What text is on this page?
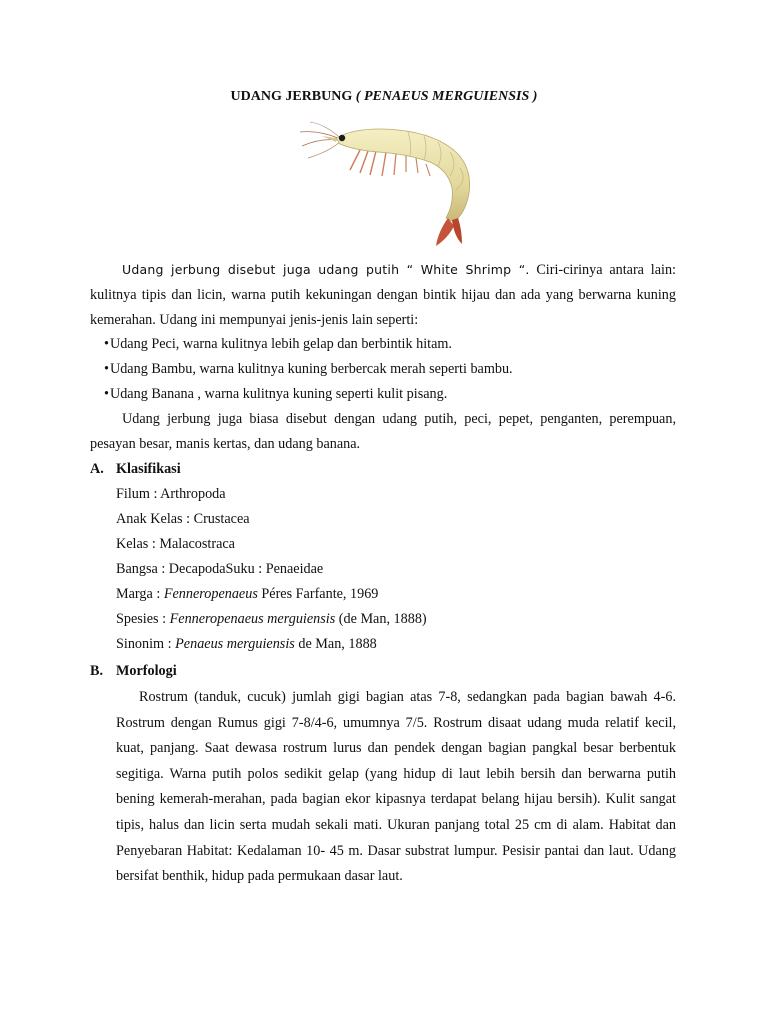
UDANG JERBUNG ( PENAEUS MERGUIENSIS )
Udang jerbung disebut juga udang putih “ White Shrimp “. Ciri-cirinya antara lain:
kulitnya tipis dan licin, warna putih kekuningan dengan bintik hijau dan ada yang berwarna kuning kemerahan. Udang ini mempunyai jenis-jenis lain seperti:
• Udang Peci, warna kulitnya lebih gelap dan berbintik hitam.
• Udang Bambu, warna kulitnya kuning berbercak merah seperti bambu.
• Udang Banana , warna kulitnya kuning seperti kulit pisang.
Udang jerbung juga biasa disebut dengan udang putih, peci, pepet, penganten, perempuan,
pesayan besar, manis kertas, dan udang banana.
A. Klasifikasi
Filum : Arthropoda
Anak Kelas : Crustacea
Kelas : Malacostraca
Bangsa : DecapodaSuku : Penaeidae
Marga : Fenneropenaeus Péres Farfante, 1969
Spesies : Fenneropenaeus merguiensis (de Man, 1888)
Sinonim : Penaeus merguiensis de Man, 1888
B. Morfologi
Rostrum (tanduk, cucuk) jumlah gigi bagian atas 7-8, sedangkan pada bagian bawah 4-6. Rostrum dengan Rumus gigi 7-8/4-6, umumnya 7/5. Rostrum disaat udang muda relatif kecil, kuat, panjang. Saat dewasa rostrum lurus dan pendek dengan bagian pangkal besar berbentuk segitiga. Warna putih polos sedikit gelap (yang hidup di laut lebih bersih dan berwarna putih bening kemerah-merahan, pada bagian ekor kipasnya terdapat belang hijau bersih). Kulit sangat tipis, halus dan licin serta mudah sekali mati. Ukuran panjang total 25 cm di alam. Habitat dan Penyebaran Habitat: Kedalaman 10- 45 m. Dasar substrat lumpur. Pesisir pantai dan laut. Udang bersifat benthik, hidup pada permukaan dasar laut.
